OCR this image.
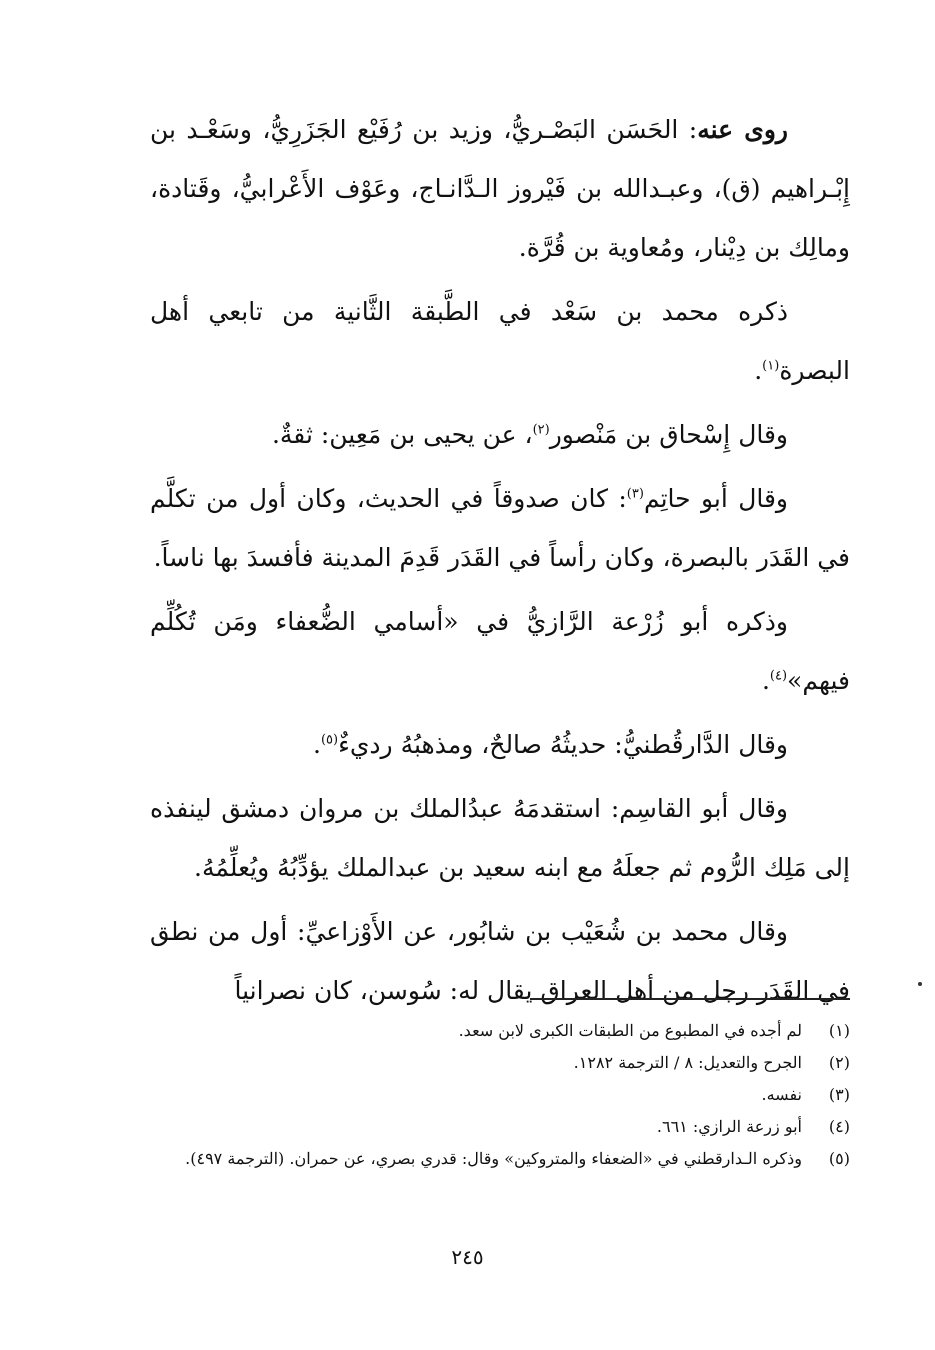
روى عنه: الحَسَن البَصْـريُّ، وزيد بن رُفَيْع الجَزَرِيُّ، وسَعْـد بن إِبْـراهيم (ق)، وعبـدالله بن فَيْروز الـدَّانـاج، وعَوْف الأَعْرابيُّ، وقَتادة، ومالِك بن دِيْنار، ومُعاوية بن قُرَّة.

ذكره محمد بن سَعْد في الطَّبقة الثَّانية من تابعي أهل البصرة$^{(١)}$.

وقال إِسْحاق بن مَنْصور$^{(٢)}$، عن يحيى بن مَعِين: ثقةٌ.

وقال أبو حاتِم$^{(٣)}$: كان صدوقاً في الحديث، وكان أول من تكلَّم في القَدَر بالبصرة، وكان رأساً في القَدَر قَدِمَ المدينة فأفسدَ بها ناساً.

وذكره أبو زُرْعة الرَّازيُّ في «أسامي الضُّعفاء ومَن تُكُلِّم فيهم»$^{(٤)}$.

وقال الدَّارقُطنيُّ: حديثُهُ صالحٌ، ومذهبُهُ رديءٌ$^{(٥)}$.

وقال أبو القاسِم: استقدمَهُ عبدُالملك بن مروان دمشق لينفذه إلى مَلِك الرُّوم ثم جعلَهُ مع ابنه سعيد بن عبدالملك يؤدِّبُهُ ويُعلِّمُهُ.

وقال محمد بن شُعَيْب بن شابُور، عن الأَوْزاعيِّ: أول من نطق في القَدَر رجل من أهل العراق يقال له: سُوسن، كان نصرانياً

(١)
لم أجده في المطبوع من الطبقات الكبرى لابن سعد.
(٢)
الجرح والتعديل: ٨ / الترجمة ١٢٨٢.
(٣)
نفسه.
(٤)
أبو زرعة الرازي: ٦٦١.
(٥)
وذكره الـدارقطني في «الضعفاء والمتروكين» وقال: قدري بصري، عن حمران. (الترجمة ٤٩٧).
٢٤٥
